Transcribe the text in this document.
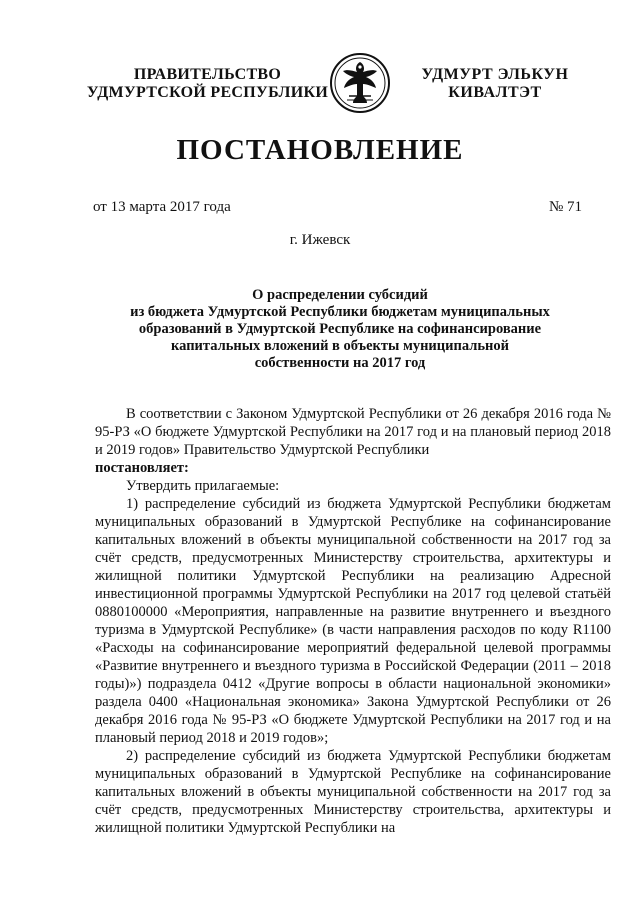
ПРАВИТЕЛЬСТВО
УДМУРТСКОЙ РЕСПУБЛИКИ
УДМУРТ ЭЛЬКУН
КИВАЛТЭТ
ПОСТАНОВЛЕНИЕ
от 13 марта 2017 года	№ 71
г. Ижевск
О распределении субсидий
из бюджета Удмуртской Республики бюджетам муниципальных
образований в Удмуртской Республике на софинансирование
капитальных вложений в объекты муниципальной
собственности на 2017 год

В соответствии с Законом Удмуртской Республики от 26 декабря 2016 года № 95-РЗ «О бюджете Удмуртской Республики на 2017 год и на плановый период 2018 и 2019 годов» Правительство Удмуртской Республики

постановляет:

Утвердить прилагаемые:

1) распределение субсидий из бюджета Удмуртской Республики бюджетам муниципальных образований в Удмуртской Республике на софинансирование капитальных вложений в объекты муниципальной собственности на 2017 год за счёт средств, предусмотренных Министерству строительства, архитектуры и жилищной политики Удмуртской Республики на реализацию Адресной инвестиционной программы Удмуртской Республики на 2017 год целевой статьёй 0880100000 «Мероприятия, направленные на развитие внутреннего и въездного туризма в Удмуртской Республике» (в части направления расходов по коду R1100 «Расходы на софинансирование мероприятий федеральной целевой программы «Развитие внутреннего и въездного туризма в Российской Федерации (2011 – 2018 годы)») подраздела 0412 «Другие вопросы в области национальной экономики» раздела 0400 «Национальная экономика» Закона Удмуртской Республики от 26 декабря 2016 года № 95-РЗ «О бюджете Удмуртской Республики на 2017 год и на плановый период 2018 и 2019 годов»;

2) распределение субсидий из бюджета Удмуртской Республики бюджетам муниципальных образований в Удмуртской Республике на софинансирование капитальных вложений в объекты муниципальной собственности на 2017 год за счёт средств, предусмотренных Министерству строительства, архитектуры и жилищной политики Удмуртской Республики на
